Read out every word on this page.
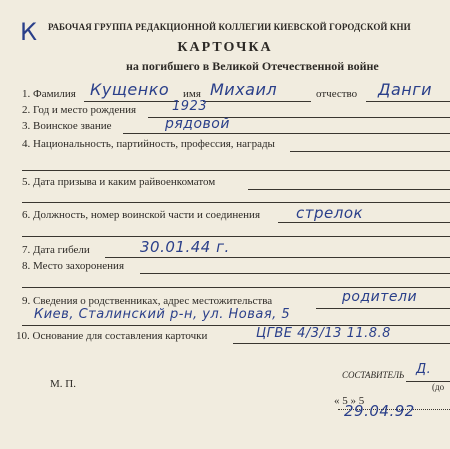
К РАБОЧАЯ ГРУППА РЕДАКЦИОННОЙ КОЛЛЕГИИ КИЕВСКОЙ ГОРОДСКОЙ КНИ
КАРТОЧКА
на погибшего в Великой Отечественной войне
1. Фамилия Кущенко имя Михаил	отчество Данги
2. Год и место рождения	1923
3. Воинское звание	рядовой
4. Национальность, партийность, профессия, награды
5. Дата призыва и каким райвоенкоматом
6. Должность, номер воинской части и соединения стрелок
7. Дата гибели	30.01.44 г.
8. Место захоронения
9. Сведения о родственниках, адрес местожительства	родители
Киев, Сталинский р-н, ул. Новая, 5
10. Основание для составления карточки	ЦГВЕ 4/3/13 11.8.8
М. П.
СОСТАВИТЕЛЬ Д.
(до
« 5 » 5
29.04.92
